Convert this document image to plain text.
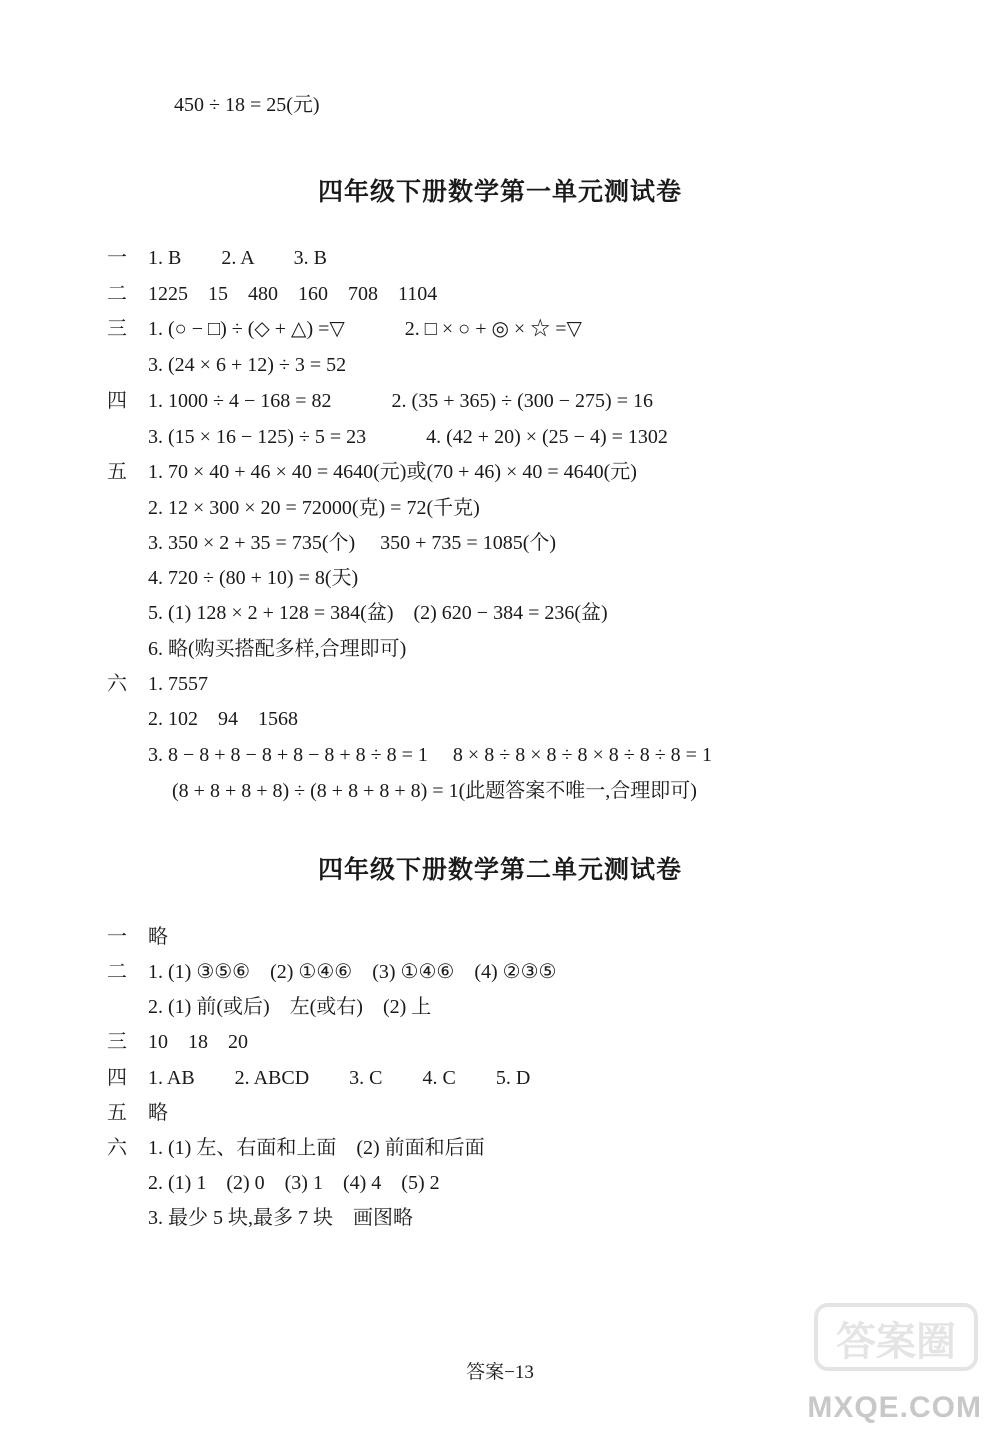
450 ÷ 18 = 25(元)
四年级下册数学第一单元测试卷
一 1. B　　2. A　　3. B
二 1225　15　480　160　708　1104
三 1. (○ − □) ÷ (◇ + △) =▽　　　2. □ × ○ + ◎ × ☆ =▽
3. (24 × 6 + 12) ÷ 3 = 52
四 1. 1000 ÷ 4 − 168 = 82　　　2. (35 + 365) ÷ (300 − 275) = 16
3. (15 × 16 − 125) ÷ 5 = 23　　　4. (42 + 20) × (25 − 4) = 1302
五 1. 70 × 40 + 46 × 40 = 4640(元)或(70 + 46) × 40 = 4640(元)
2. 12 × 300 × 20 = 72000(克) = 72(千克)
3. 350 × 2 + 35 = 735(个)　 350 + 735 = 1085(个)
4. 720 ÷ (80 + 10) = 8(天)
5. (1) 128 × 2 + 128 = 384(盆)　(2) 620 − 384 = 236(盆)
6. 略(购买搭配多样,合理即可)
六 1. 7557
2. 102　94　1568
3. 8 − 8 + 8 − 8 + 8 − 8 + 8 ÷ 8 = 1　 8 × 8 ÷ 8 × 8 ÷ 8 × 8 ÷ 8 ÷ 8 = 1
(8 + 8 + 8 + 8) ÷ (8 + 8 + 8 + 8) = 1(此题答案不唯一,合理即可)
四年级下册数学第二单元测试卷
一 略
二 1. (1) ③⑤⑥　(2) ①④⑥　(3) ①④⑥　(4) ②③⑤
2. (1) 前(或后)　左(或右)　(2) 上
三 10　18　20
四 1. AB　　2. ABCD　　3. C　　4. C　　5. D
五 略
六 1. (1) 左、右面和上面　(2) 前面和后面
2. (1) 1　(2) 0　(3) 1　(4) 4　(5) 2
3. 最少 5 块,最多 7 块　画图略
答案−13
答案圈
MXQE.COM
